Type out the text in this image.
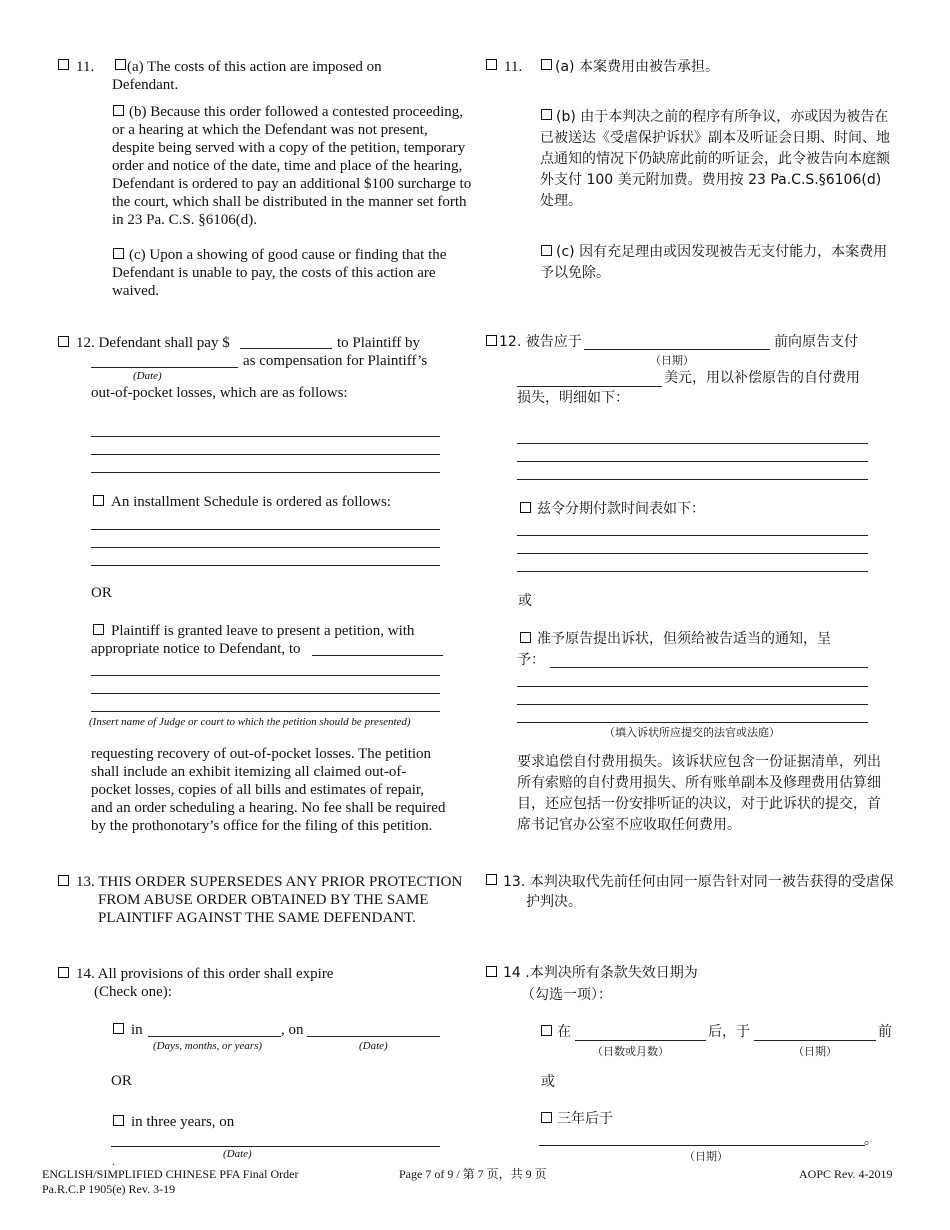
11.	(a) The costs of this action are imposed on Defendant.
(b) Because this order followed a contested proceeding, or a hearing at which the Defendant was not present, despite being served with a copy of the petition, temporary order and notice of the date, time and place of the hearing, Defendant is ordered to pay an additional $100 surcharge to the court, which shall be distributed in the manner set forth in 23 Pa. C.S. §6106(d).
(c) Upon a showing of good cause or finding that the Defendant is unable to pay, the costs of this action are waived.
12. Defendant shall pay $	to Plaintiff by
as compensation for Plaintiff’s
(Date)
out-of-pocket losses, which are as follows:
An installment Schedule is ordered as follows:
OR
Plaintiff is granted leave to present a petition, with
appropriate notice to Defendant, to
(Insert name of Judge or court to which the petition should be presented)
requesting recovery of out-of-pocket losses. The petition shall include an exhibit itemizing all claimed out-of-pocket losses, copies of all bills and estimates of repair, and an order scheduling a hearing. No fee shall be required by the prothonotary’s office for the filing of this petition.
13. THIS ORDER SUPERSEDES ANY PRIOR PROTECTION FROM ABUSE ORDER OBTAINED BY THE SAME PLAINTIFF AGAINST THE SAME DEFENDANT.
14. All provisions of this order shall expire
(Check one):
in	, on
(Days, months, or years)	(Date)
OR
in three years, on
(Date)
11. (a) 本案费用由被告承担。
(b) 由于本判决之前的程序有所争议，亦或因为被告在已被送达《受虐保护诉状》副本及听证会日期、时间、地点通知的情况下仍缺席此前的听证会，此令被告向本庭额外支付 100 美元附加费。费用按 23 Pa.C.S.§6106(d) 处理。
(c) 因有充足理由或因发现被告无支付能力，本案费用予以免除。
12. 被告应于	前向原告支付
（日期）
美元，用以补偿原告的自付费用
损失，明细如下：
兹令分期付款时间表如下：
或
准予原告提出诉状，但须给被告适当的通知，呈
予：
（填入诉状所应提交的法官或法庭）
要求追偿自付费用损失。该诉状应包含一份证据清单，列出所有索赔的自付费用损失、所有账单副本及修理费用估算细目，还应包括一份安排听证的决议，对于此诉状的提交，首席书记官办公室不应收取任何费用。
13. 本判决取代先前任何由同一原告针对同一被告获得的受虐保护判决。
14 .本判决所有条款失效日期为
（勾选一项）：
在	后，于	前
（日数或月数）	（日期）
或
三年后于
。
（日期）
ENGLISH/SIMPLIFIED CHINESE PFA Final Order
Pa.R.C.P 1905(e) Rev. 3-19
.
Page 7 of 9 / 第 7 页，共 9 页	AOPC Rev. 4-2019
